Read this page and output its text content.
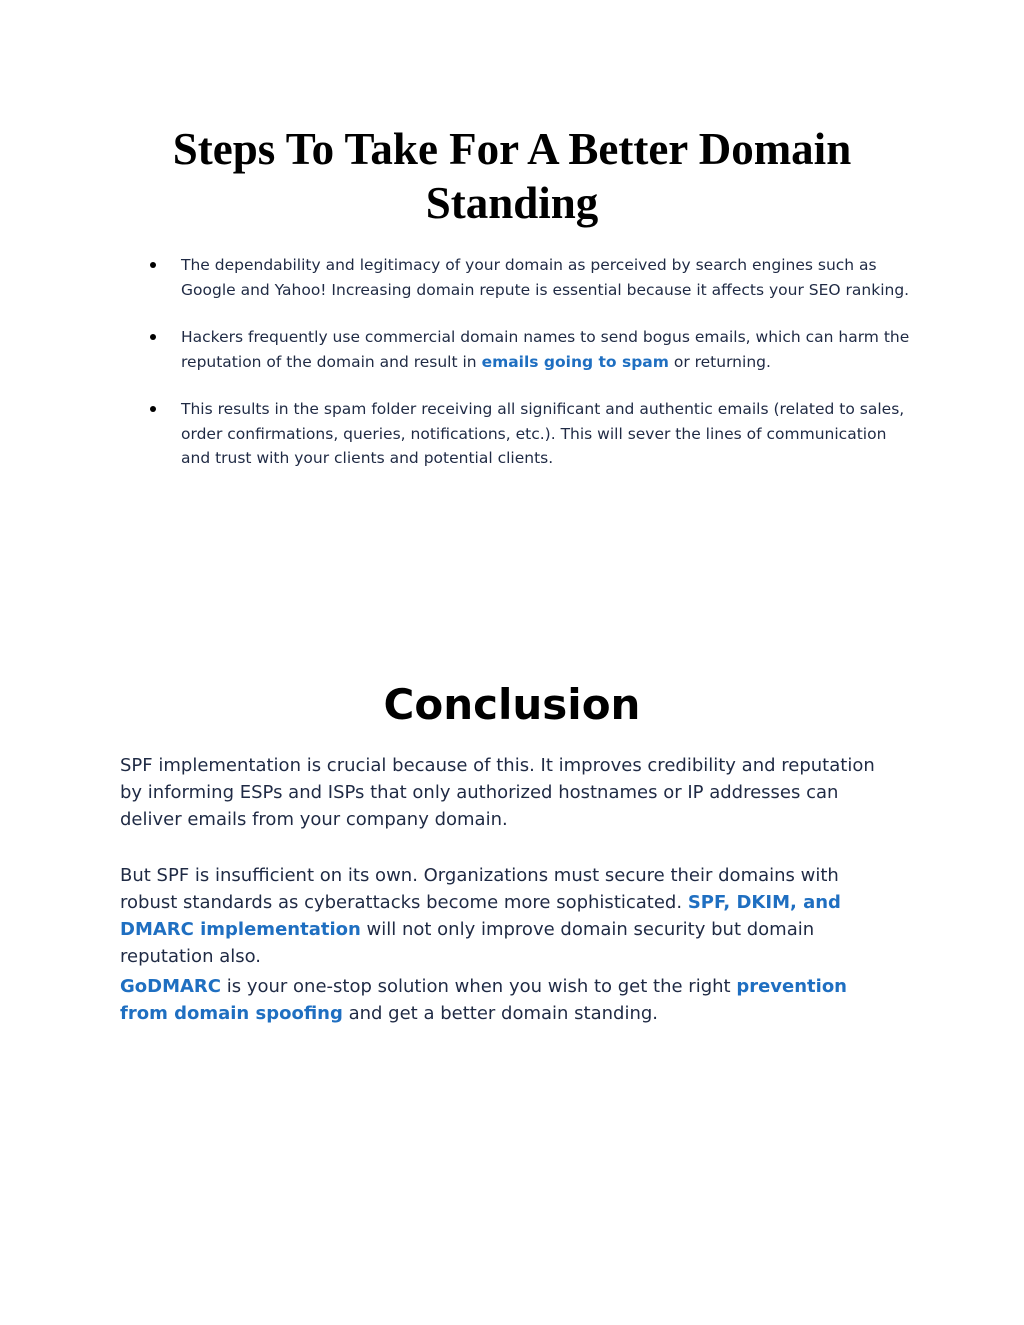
Steps To Take For A Better Domain Standing
The dependability and legitimacy of your domain as perceived by search engines such as Google and Yahoo! Increasing domain repute is essential because it affects your SEO ranking.
Hackers frequently use commercial domain names to send bogus emails, which can harm the reputation of the domain and result in emails going to spam or returning.
This results in the spam folder receiving all significant and authentic emails (related to sales, order confirmations, queries, notifications, etc.). This will sever the lines of communication and trust with your clients and potential clients.
Conclusion

SPF implementation is crucial because of this. It improves credibility and reputation by informing ESPs and ISPs that only authorized hostnames or IP addresses can deliver emails from your company domain.

But SPF is insufficient on its own. Organizations must secure their domains with robust standards as cyberattacks become more sophisticated. SPF, DKIM, and DMARC implementation will not only improve domain security but domain reputation also.

GoDMARC is your one-stop solution when you wish to get the right prevention from domain spoofing and get a better domain standing.
